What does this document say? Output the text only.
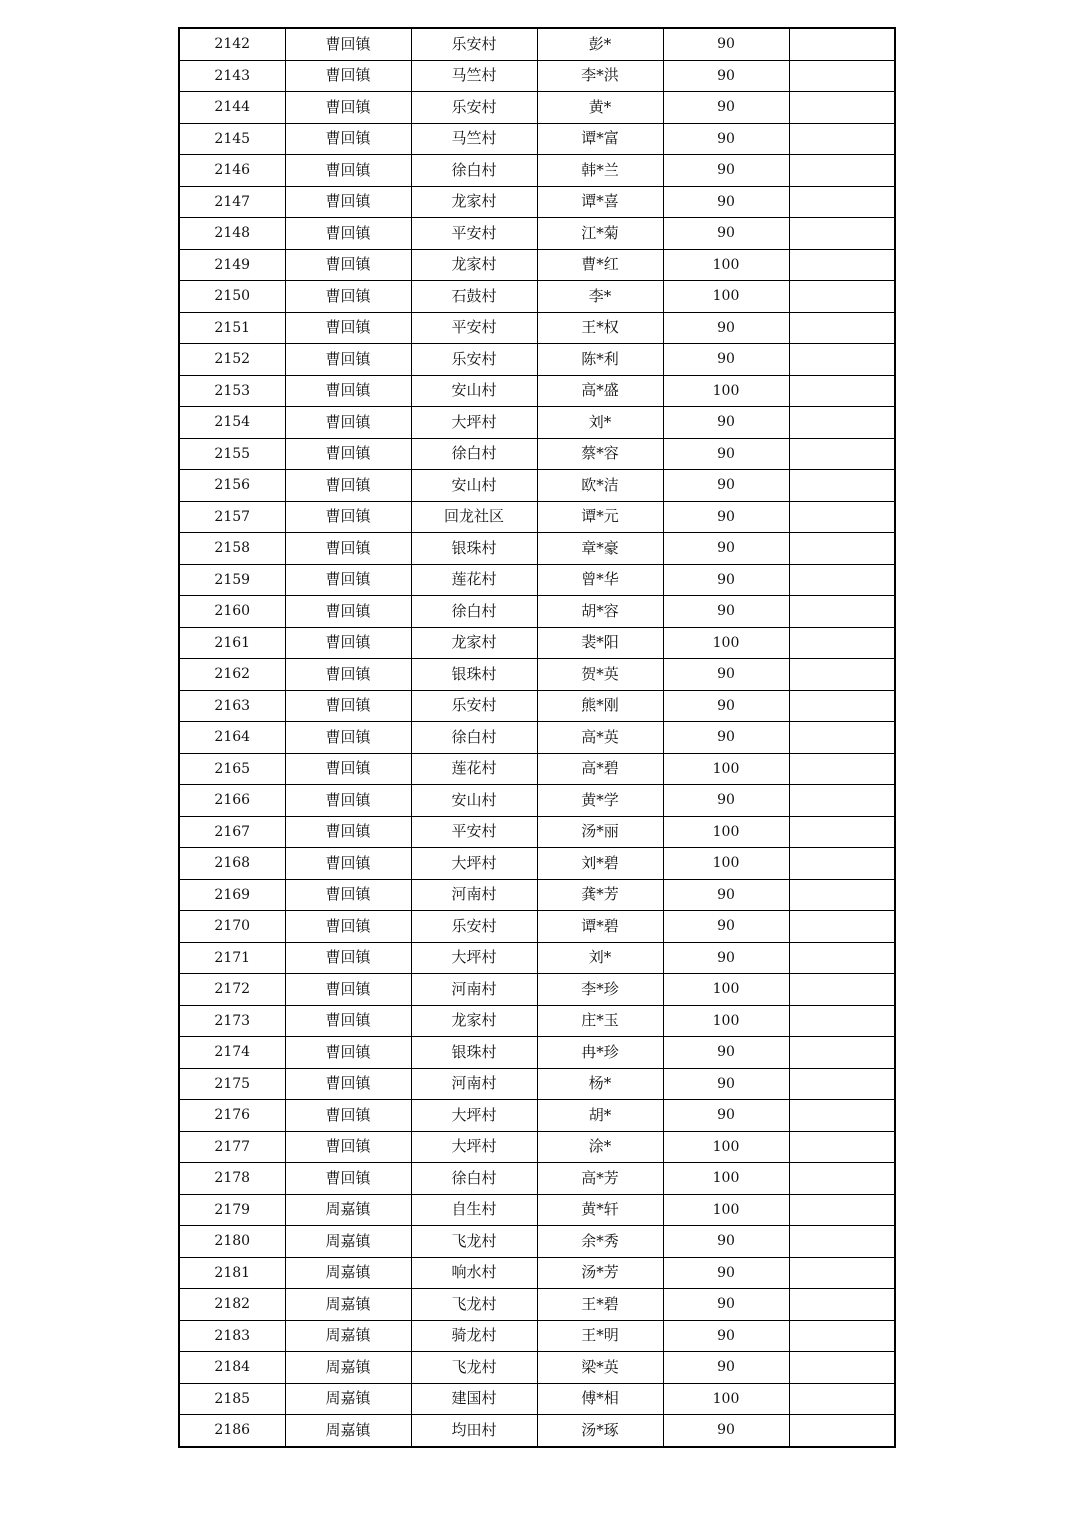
2142	曹回镇	乐安村	彭*	90	
2143	曹回镇	马竺村	李*洪	90	
2144	曹回镇	乐安村	黄*	90	
2145	曹回镇	马竺村	谭*富	90	
2146	曹回镇	徐白村	韩*兰	90	
2147	曹回镇	龙家村	谭*喜	90	
2148	曹回镇	平安村	江*菊	90	
2149	曹回镇	龙家村	曹*红	100	
2150	曹回镇	石鼓村	李*	100	
2151	曹回镇	平安村	王*权	90	
2152	曹回镇	乐安村	陈*利	90	
2153	曹回镇	安山村	高*盛	100	
2154	曹回镇	大坪村	刘*	90	
2155	曹回镇	徐白村	蔡*容	90	
2156	曹回镇	安山村	欧*洁	90	
2157	曹回镇	回龙社区	谭*元	90	
2158	曹回镇	银珠村	章*豪	90	
2159	曹回镇	莲花村	曾*华	90	
2160	曹回镇	徐白村	胡*容	90	
2161	曹回镇	龙家村	裴*阳	100	
2162	曹回镇	银珠村	贺*英	90	
2163	曹回镇	乐安村	熊*刚	90	
2164	曹回镇	徐白村	高*英	90	
2165	曹回镇	莲花村	高*碧	100	
2166	曹回镇	安山村	黄*学	90	
2167	曹回镇	平安村	汤*丽	100	
2168	曹回镇	大坪村	刘*碧	100	
2169	曹回镇	河南村	龚*芳	90	
2170	曹回镇	乐安村	谭*碧	90	
2171	曹回镇	大坪村	刘*	90	
2172	曹回镇	河南村	李*珍	100	
2173	曹回镇	龙家村	庄*玉	100	
2174	曹回镇	银珠村	冉*珍	90	
2175	曹回镇	河南村	杨*	90	
2176	曹回镇	大坪村	胡*	90	
2177	曹回镇	大坪村	涂*	100	
2178	曹回镇	徐白村	高*芳	100	
2179	周嘉镇	自生村	黄*轩	100	
2180	周嘉镇	飞龙村	余*秀	90	
2181	周嘉镇	响水村	汤*芳	90	
2182	周嘉镇	飞龙村	王*碧	90	
2183	周嘉镇	骑龙村	王*明	90	
2184	周嘉镇	飞龙村	梁*英	90	
2185	周嘉镇	建国村	傅*相	100	
2186	周嘉镇	均田村	汤*琢	90	
